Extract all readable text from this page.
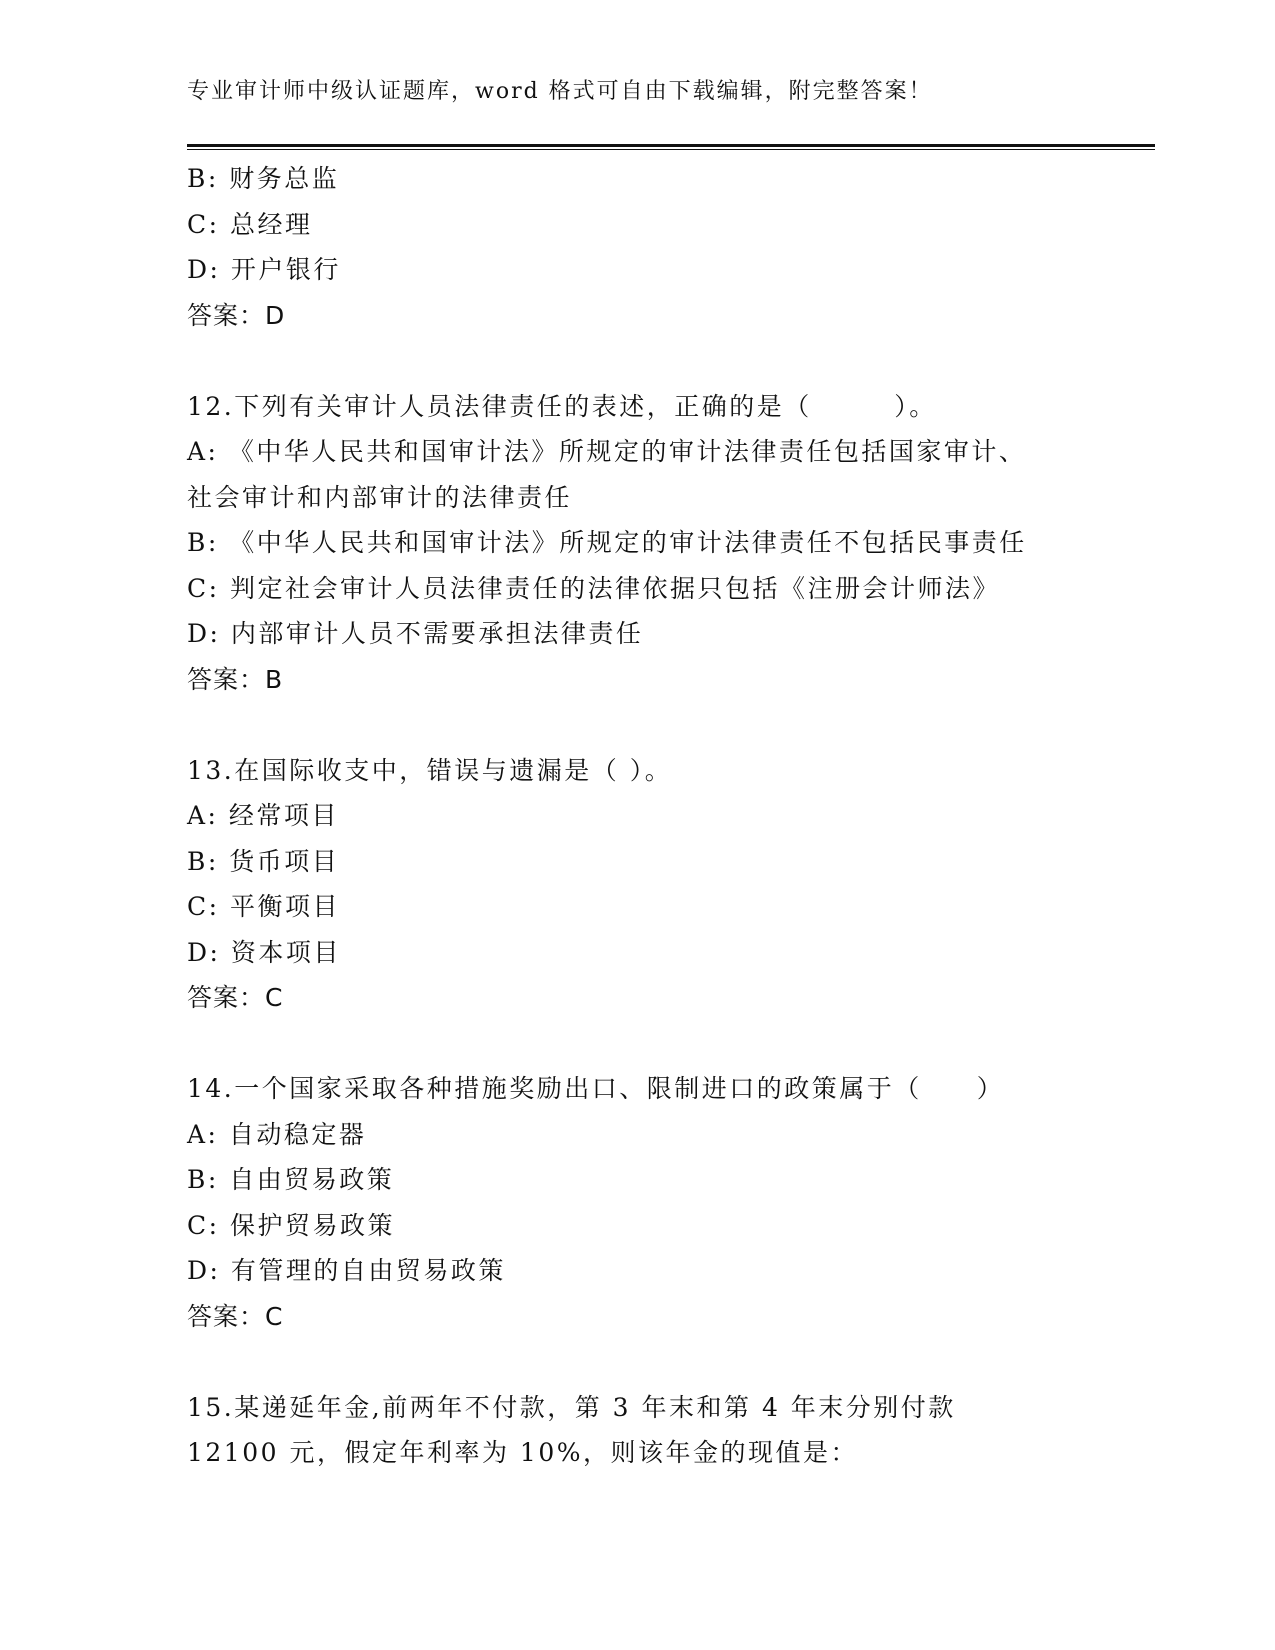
专业审计师中级认证题库，word 格式可自由下载编辑，附完整答案！
B: 财务总监
C: 总经理
D: 开户银行
答案：D
12.下列有关审计人员法律责任的表述，正确的是（　　　）。
A: 《中华人民共和国审计法》所规定的审计法律责任包括国家审计、社会审计和内部审计的法律责任
B: 《中华人民共和国审计法》所规定的审计法律责任不包括民事责任
C: 判定社会审计人员法律责任的法律依据只包括《注册会计师法》
D: 内部审计人员不需要承担法律责任
答案：B
13.在国际收支中，错误与遗漏是（ ）。
A: 经常项目
B: 货币项目
C: 平衡项目
D: 资本项目
答案：C
14.一个国家采取各种措施奖励出口、限制进口的政策属于（　　）
A: 自动稳定器
B: 自由贸易政策
C: 保护贸易政策
D: 有管理的自由贸易政策
答案：C
15.某递延年金,前两年不付款，第 3 年末和第 4 年末分别付款 12100 元，假定年利率为 10%，则该年金的现值是：
